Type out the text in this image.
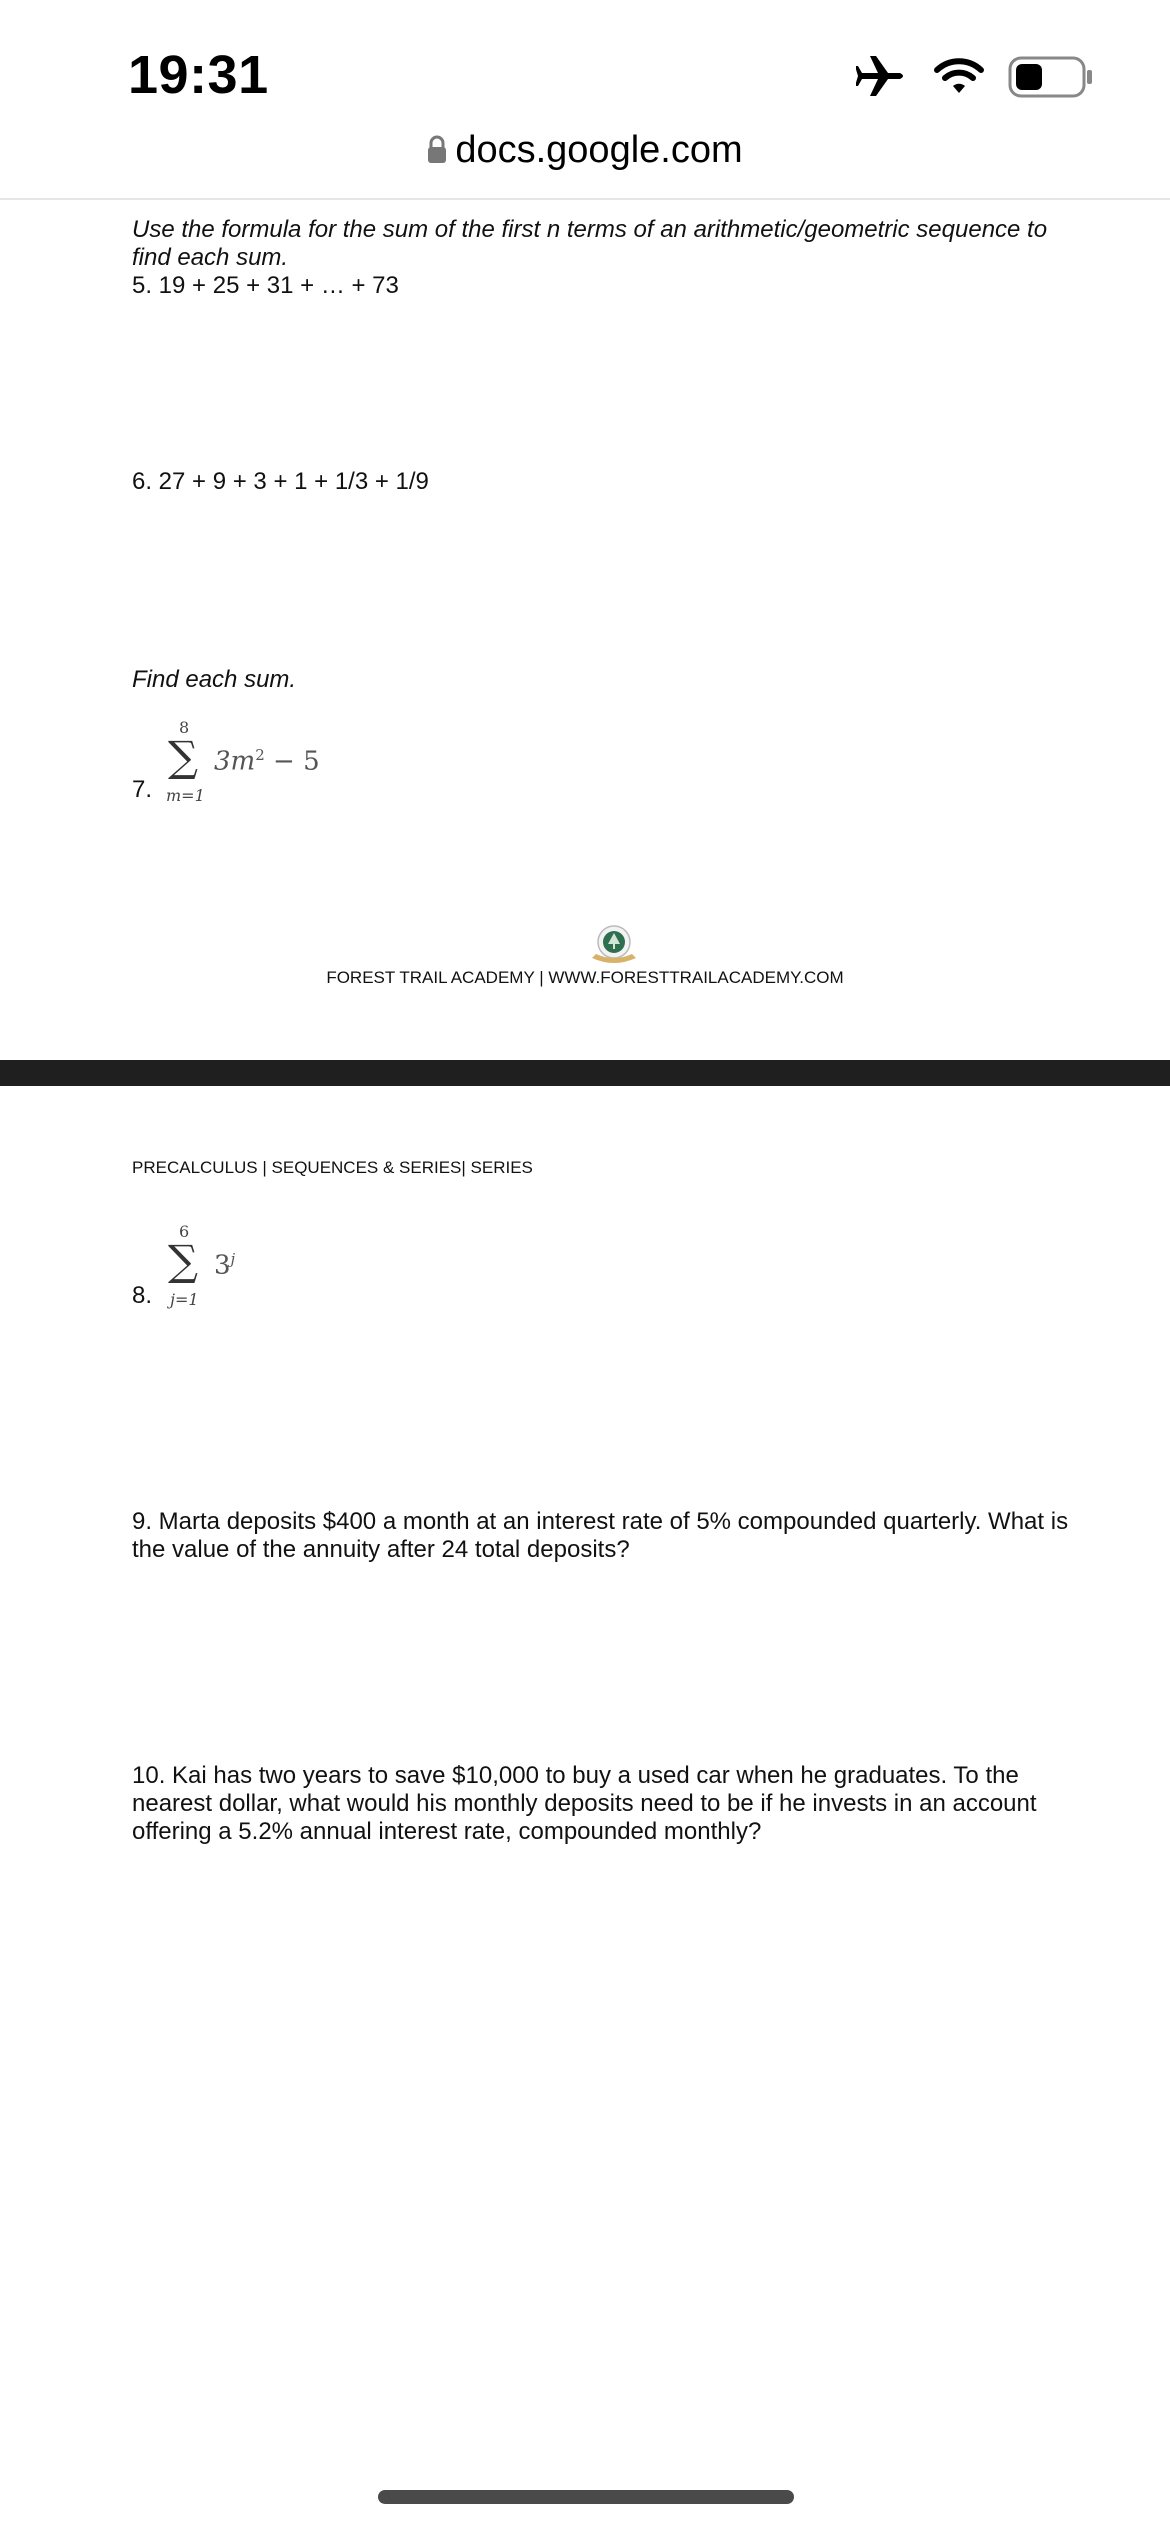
19:31
docs.google.com
Use the formula for the sum of the first n terms of an arithmetic/geometric sequence to find each sum.
5. 19 + 25 + 31 + … + 73
6. 27 + 9 + 3 + 1 + 1/3 + 1/9
Find each sum.
7.
8
∑
m=1
$3m^2 - 5$
FOREST TRAIL ACADEMY | WWW.FORESTTRAILACADEMY.COM
PRECALCULUS | SEQUENCES & SERIES| SERIES
8.
6
∑
j=1
3$^j$
9. Marta deposits $400 a month at an interest rate of 5% compounded quarterly. What is the value of the annuity after 24 total deposits?
10. Kai has two years to save $10,000 to buy a used car when he graduates. To the nearest dollar, what would his monthly deposits need to be if he invests in an account offering a 5.2% annual interest rate, compounded monthly?
